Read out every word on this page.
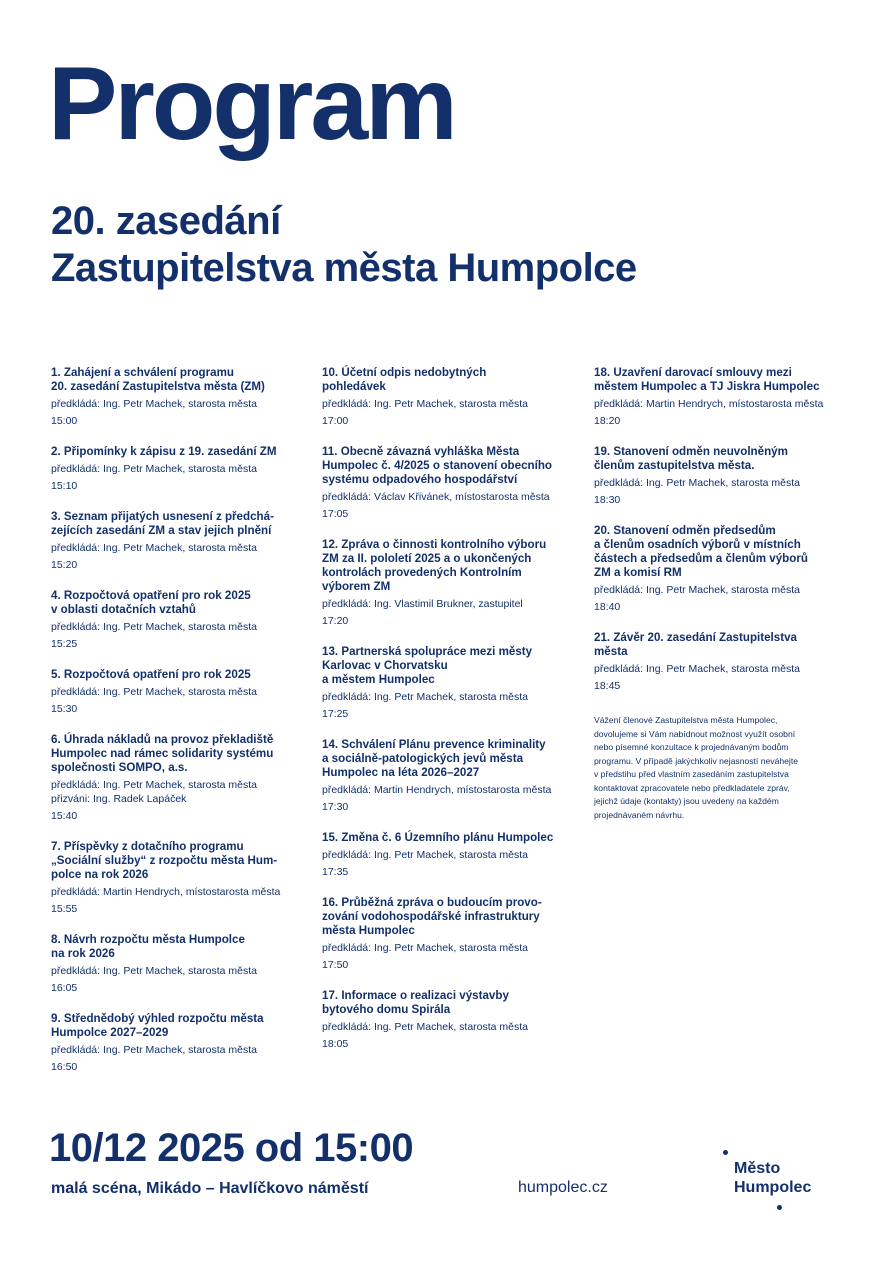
Program
20. zasedání
Zastupitelstva města Humpolce
1. Zahájení a schválení programu
20. zasedání Zastupitelstva města (ZM)
předkládá: Ing. Petr Machek, starosta města
15:00
2. Připomínky k zápisu z 19. zasedání ZM
předkládá: Ing. Petr Machek, starosta města
15:10
3. Seznam přijatých usnesení z předchá-
zejících zasedání ZM a stav jejich plnění
předkládá: Ing. Petr Machek, starosta města
15:20
4. Rozpočtová opatření pro rok 2025
v oblasti dotačních vztahů
předkládá: Ing. Petr Machek, starosta města
15:25
5. Rozpočtová opatření pro rok 2025
předkládá: Ing. Petr Machek, starosta města
15:30
6. Úhrada nákladů na provoz překladiště
Humpolec nad rámec solidarity systému
společnosti SOMPO, a.s.
předkládá: Ing. Petr Machek, starosta města
přizváni: Ing. Radek Lapáček
15:40
7. Příspěvky z dotačního programu
„Sociální služby“ z rozpočtu města Hum-
polce na rok 2026
předkládá: Martin Hendrych, místostarosta města
15:55
8. Návrh rozpočtu města Humpolce
na rok 2026
předkládá: Ing. Petr Machek, starosta města
16:05
9. Střednědobý výhled rozpočtu města
Humpolce 2027–2029
předkládá: Ing. Petr Machek, starosta města
16:50
10. Účetní odpis nedobytných
pohledávek
předkládá: Ing. Petr Machek, starosta města
17:00
11. Obecně závazná vyhláška Města
Humpolec č. 4/2025 o stanovení obecního
systému odpadového hospodářství
předkládá: Václav Křivánek, místostarosta města
17:05
12. Zpráva o činnosti kontrolního výboru
ZM za II. pololetí 2025 a o ukončených
kontrolách provedených Kontrolním
výborem ZM
předkládá: Ing. Vlastimil Brukner, zastupitel
17:20
13. Partnerská spolupráce mezi městy
Karlovac v Chorvatsku
a městem Humpolec
předkládá: Ing. Petr Machek, starosta města
17:25
14. Schválení Plánu prevence kriminality
a sociálně-patologických jevů města
Humpolec na léta 2026–2027
předkládá: Martin Hendrych, místostarosta města
17:30
15. Změna č. 6 Územního plánu Humpolec
předkládá: Ing. Petr Machek, starosta města
17:35
16. Průběžná zpráva o budoucím provo-
zování vodohospodářské infrastruktury
města Humpolec
předkládá: Ing. Petr Machek, starosta města
17:50
17. Informace o realizaci výstavby
bytového domu Spirála
předkládá: Ing. Petr Machek, starosta města
18:05
18. Uzavření darovací smlouvy mezi
městem Humpolec a TJ Jiskra Humpolec
předkládá: Martin Hendrych, místostarosta města
18:20
19. Stanovení odměn neuvolněným
členům zastupitelstva města.
předkládá: Ing. Petr Machek, starosta města
18:30
20. Stanovení odměn předsedům
a členům osadních výborů v místních
částech a předsedům a členům výborů
ZM a komisí RM
předkládá: Ing. Petr Machek, starosta města
18:40
21. Závěr 20. zasedání Zastupitelstva
města
předkládá: Ing. Petr Machek, starosta města
18:45
Vážení členové Zastupitelstva města Humpolec,
dovolujeme si Vám nabídnout možnost využít osobní
nebo písemné konzultace k projednávaným bodům
programu. V případě jakýchkoliv nejasností neváhejte
v předstihu před vlastním zasedáním zastupitelstva
kontaktovat zpracovatele nebo předkladatele zpráv,
jejichž údaje (kontakty) jsou uvedeny na každém
projednávaném návrhu.
10/12 2025 od 15:00
malá scéna, Mikádo – Havlíčkovo náměstí	humpolec.cz
Město
Humpolec
